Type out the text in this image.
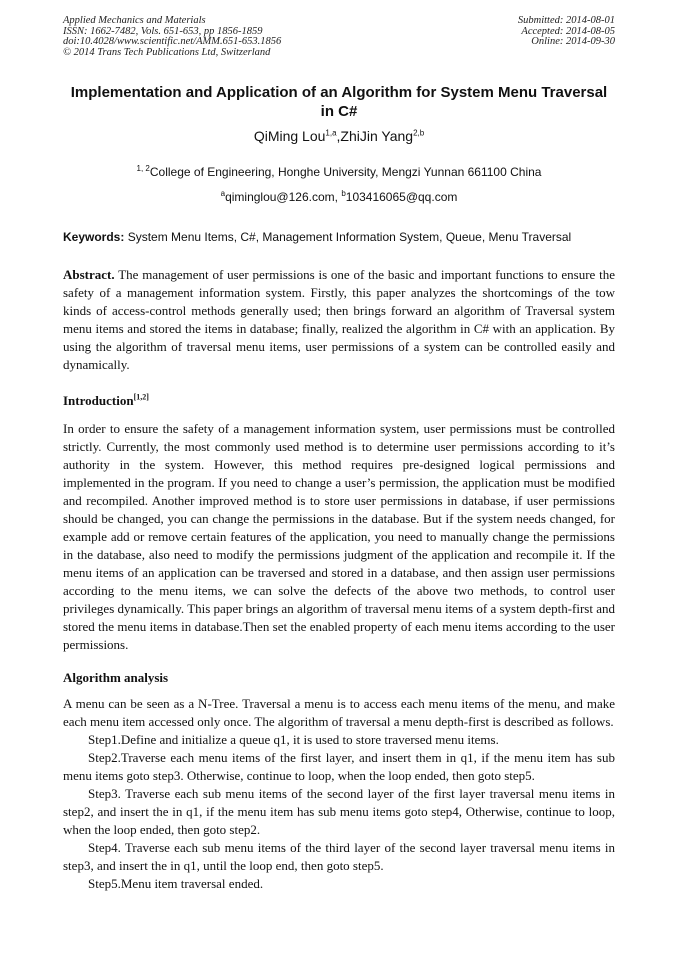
Applied Mechanics and Materials
ISSN: 1662-7482, Vols. 651-653, pp 1856-1859
doi:10.4028/www.scientific.net/AMM.651-653.1856
© 2014 Trans Tech Publications Ltd, Switzerland
Submitted: 2014-08-01
Accepted: 2014-08-05
Online: 2014-09-30
Implementation and Application of an Algorithm for System Menu Traversal in C#
QiMing Lou$^{1,a}$,ZhiJin Yang$^{2,b}$
$^{1, 2}$College of Engineering, Honghe University, Mengzi Yunnan 661100 China
$^a$qiminglou@126.com, $^b$103416065@qq.com
Keywords: System Menu Items, C#, Management Information System, Queue, Menu Traversal
Abstract. The management of user permissions is one of the basic and important functions to ensure the safety of a management information system. Firstly, this paper analyzes the shortcomings of the tow kinds of access-control methods generally used; then brings forward an algorithm of Traversal system menu items and stored the items in database; finally, realized the algorithm in C# with an application. By using the algorithm of traversal menu items, user permissions of a system can be controlled easily and dynamically.
Introduction[1,2]
In order to ensure the safety of a management information system, user permissions must be controlled strictly. Currently, the most commonly used method is to determine user permissions according to it’s authority in the system. However, this method requires pre-designed logical permissions and implemented in the program. If you need to change a user’s permission, the application must be modified and recompiled. Another improved method is to store user permissions in database, if user permissions should be changed, you can change the permissions in the database. But if the system needs changed, for example add or remove certain features of the application, you need to manually change the permissions in the database, also need to modify the permissions judgment of the application and recompile it. If the menu items of an application can be traversed and stored in a database, and then assign user permissions according to the menu items, we can solve the defects of the above two methods, to control user privileges dynamically. This paper brings an algorithm of traversal menu items of a system depth-first and stored the menu items in database.Then set the enabled property of each menu items according to the user permissions.
Algorithm analysis
A menu can be seen as a N-Tree. Traversal a menu is to access each menu items of the menu, and make each menu item accessed only once. The algorithm of traversal a menu depth-first is described as follows.
Step1.Define and initialize a queue q1, it is used to store traversed menu items.
Step2.Traverse each menu items of the first layer, and insert them in q1, if the menu item has sub menu items goto step3. Otherwise, continue to loop, when the loop ended, then goto step5.
Step3. Traverse each sub menu items of the second layer of the first layer traversal menu items in step2, and insert the in q1, if the menu item has sub menu items goto step4, Otherwise, continue to loop, when the loop ended, then goto step2.
Step4. Traverse each sub menu items of the third layer of the second layer traversal menu items in step3, and insert the in q1, until the loop end, then goto step5.
Step5.Menu item traversal ended.
